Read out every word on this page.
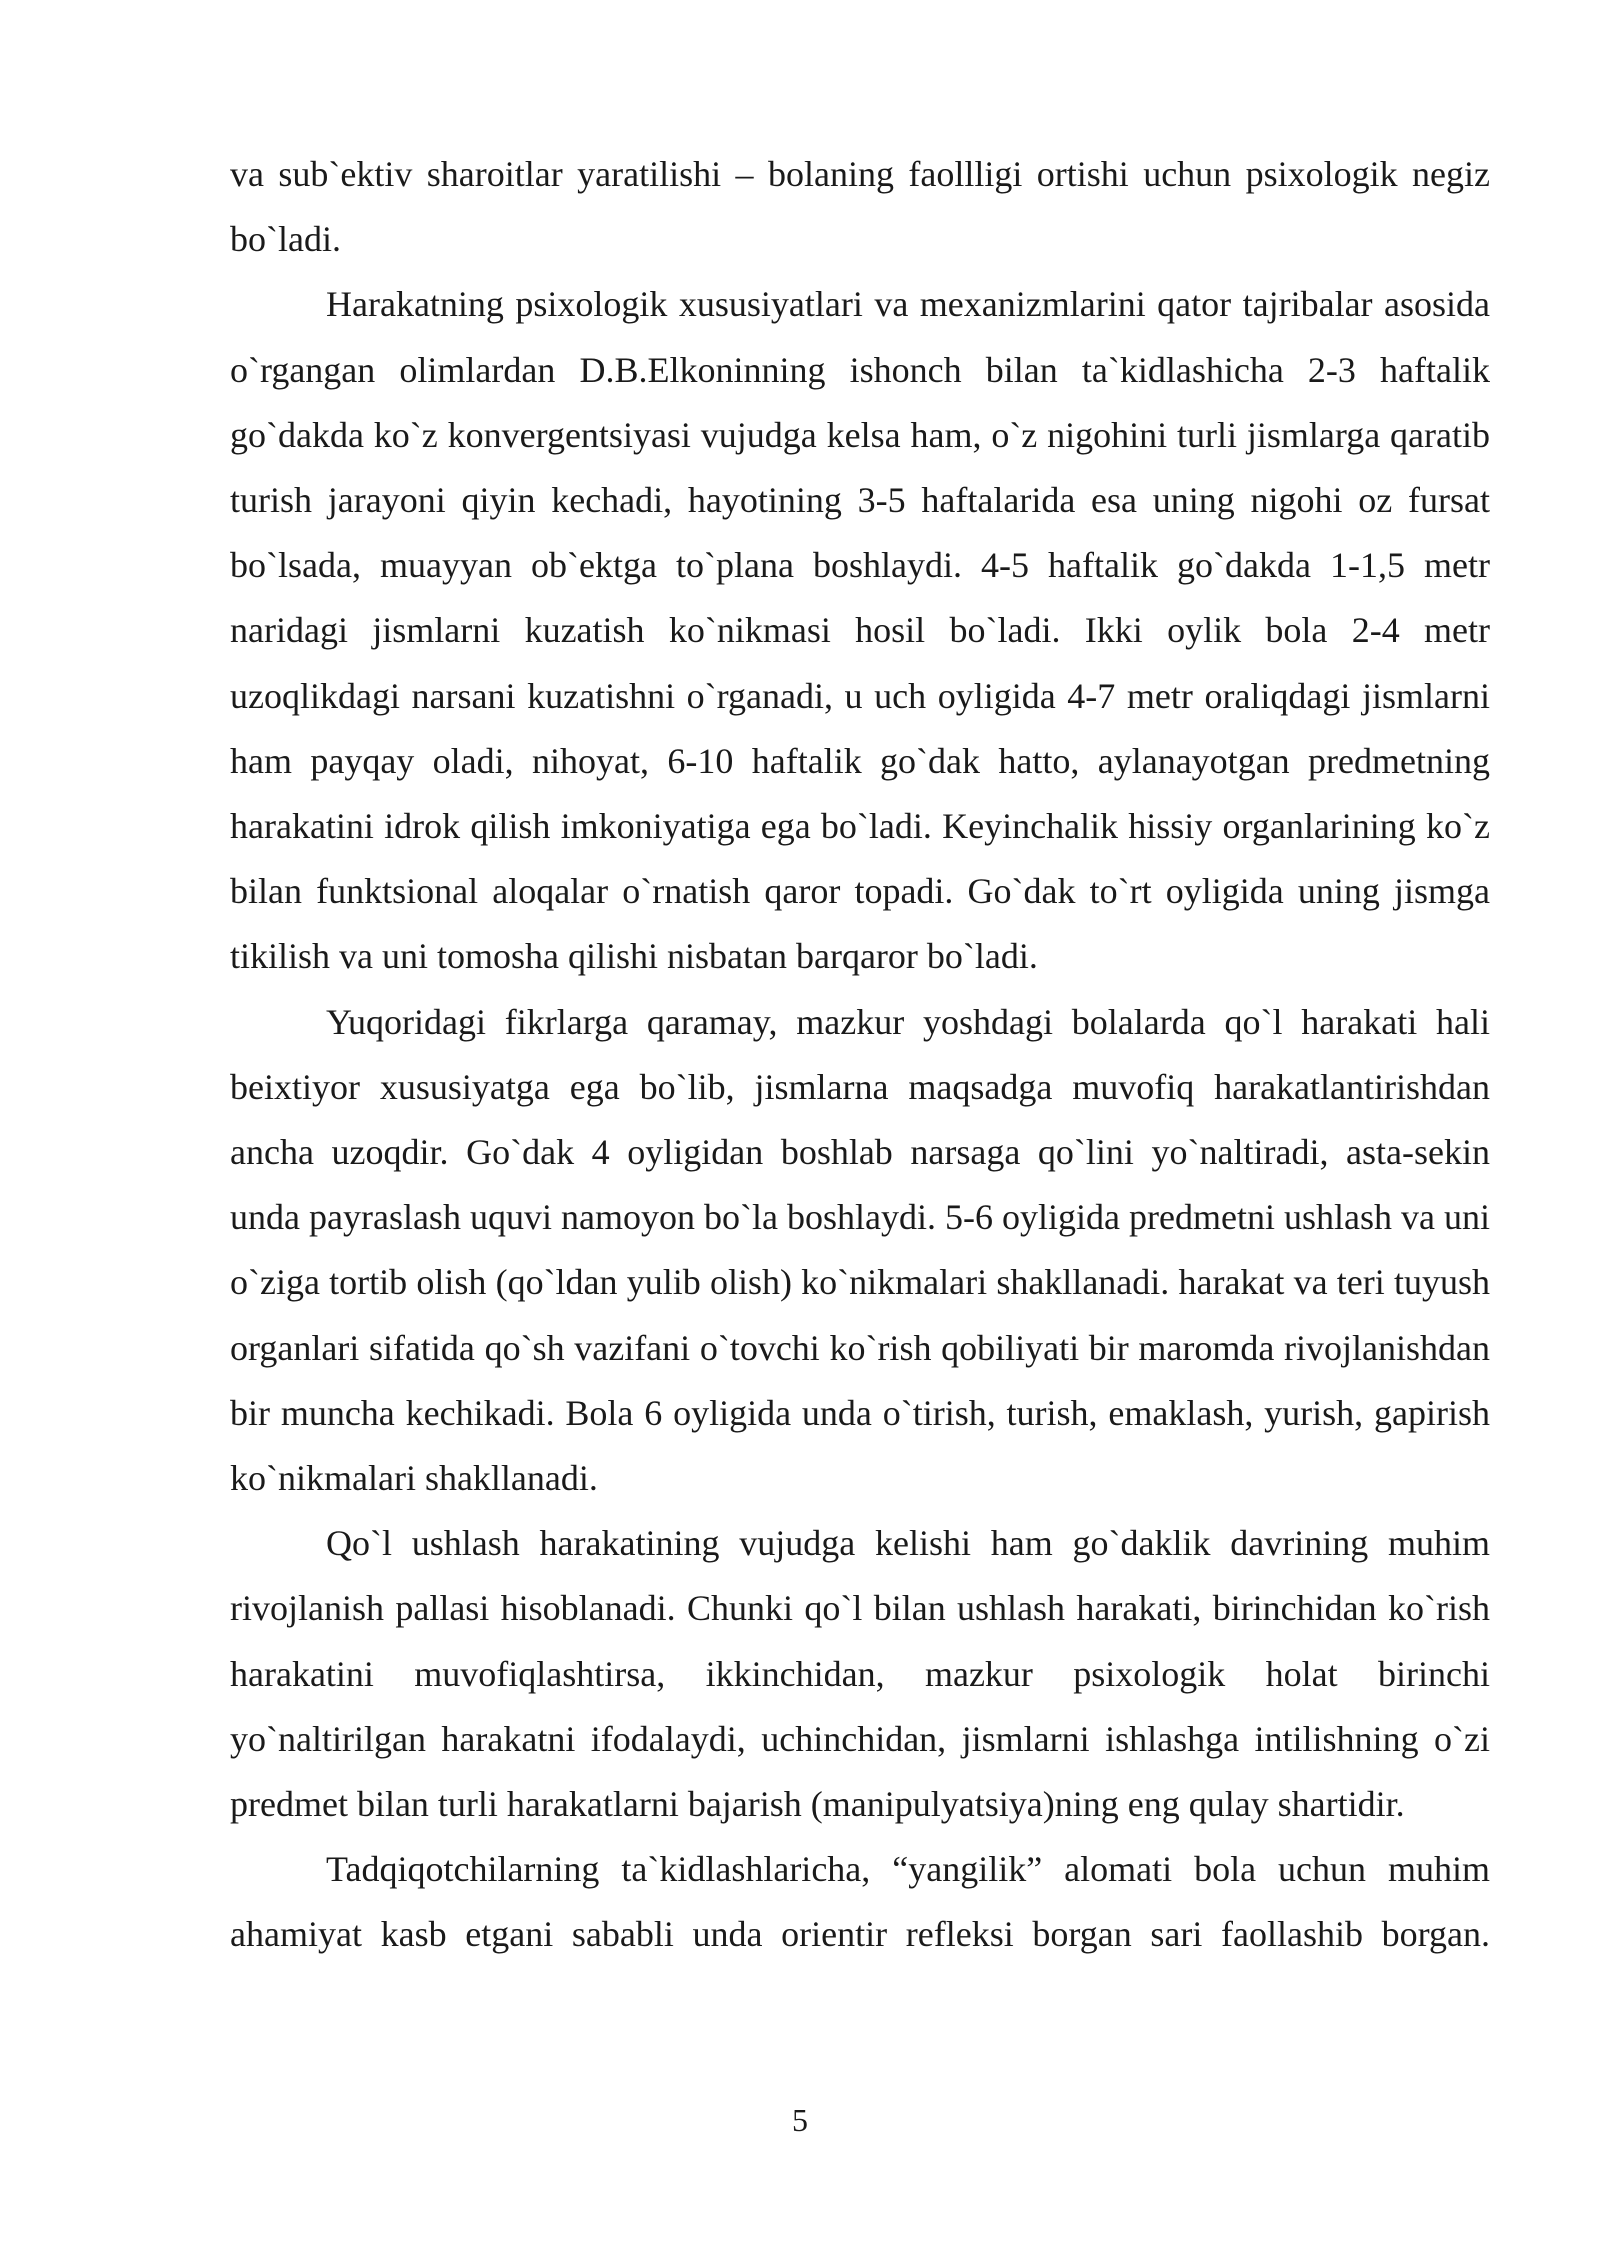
va sub`ektiv sharoitlar yaratilishi – bolaning faollligi ortishi uchun psixologik negiz bo`ladi.

Harakatning psixologik xususiyatlari va mexanizmlarini qator tajribalar asosida o`rgangan olimlardan D.B.Elkoninning ishonch bilan ta`kidlashicha 2-3 haftalik go`dakda ko`z konvergentsiyasi vujudga kelsa ham, o`z nigohini turli jismlarga qaratib turish jarayoni qiyin kechadi, hayotining 3-5 haftalarida esa uning nigohi oz fursat bo`lsada, muayyan ob`ektga to`plana boshlaydi. 4-5 haftalik go`dakda 1-1,5 metr naridagi jismlarni kuzatish ko`nikmasi hosil bo`ladi. Ikki oylik bola 2-4 metr uzoqlikdagi narsani kuzatishni o`rganadi, u uch oyligida 4-7 metr oraliqdagi jismlarni ham payqay oladi, nihoyat, 6-10 haftalik go`dak hatto, aylanayotgan predmetning harakatini idrok qilish imkoniyatiga ega bo`ladi. Keyinchalik hissiy organlarining ko`z bilan funktsional aloqalar o`rnatish qaror topadi. Go`dak to`rt oyligida uning jismga tikilish va uni tomosha qilishi nisbatan barqaror bo`ladi.

Yuqoridagi fikrlarga qaramay, mazkur yoshdagi bolalarda qo`l harakati hali beixtiyor xususiyatga ega bo`lib, jismlarna maqsadga muvofiq harakatlantirishdan ancha uzoqdir. Go`dak 4 oyligidan boshlab narsaga qo`lini yo`naltiradi, asta-sekin unda payraslash uquvi namoyon bo`la boshlaydi. 5-6 oyligida predmetni ushlash va uni o`ziga tortib olish (qo`ldan yulib olish) ko`nikmalari shakllanadi. harakat va teri tuyush organlari sifatida qo`sh vazifani o`tovchi ko`rish qobiliyati bir maromda rivojlanishdan bir muncha kechikadi. Bola 6 oyligida unda o`tirish, turish, emaklash, yurish, gapirish ko`nikmalari shakllanadi.

Qo`l ushlash harakatining vujudga kelishi ham go`daklik davrining muhim rivojlanish pallasi hisoblanadi. Chunki qo`l bilan ushlash harakati, birinchidan ko`rish harakatini muvofiqlashtirsa, ikkinchidan, mazkur psixologik holat birinchi yo`naltirilgan harakatni ifodalaydi, uchinchidan, jismlarni ishlashga intilishning o`zi predmet bilan turli harakatlarni bajarish (manipulyatsiya)ning eng qulay shartidir.

Tadqiqotchilarning ta`kidlashlaricha, “yangilik” alomati bola uchun muhim ahamiyat kasb etgani sababli unda orientir refleksi borgan sari faollashib borgan.

5
